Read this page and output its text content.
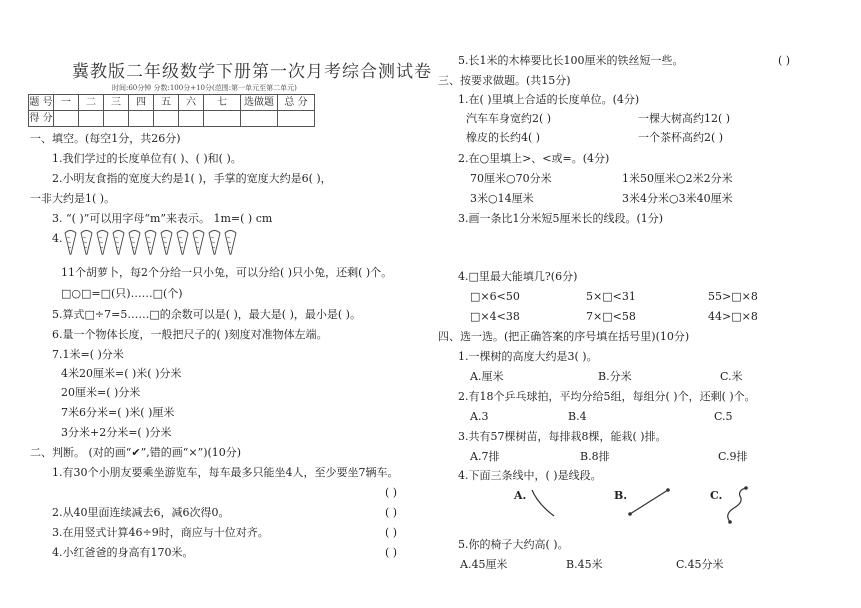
冀教版二年级数学下册第一次月考综合测试卷
时间:60分钟 分数:100分+10分(范围:第一单元至第二单元)
题 号	一	二	三	四	五	六	七	选做题	总 分
得 分									
一、填空。(每空1分，共26分)
1.我们学过的长度单位有( )、( )和( )。
2.小明友食指的宽度大约是1( )，手掌的宽度大约是6( )，
一非大约是1( )。
3. “( )”可以用字母“m”来表示。 1m=( ) cm
4.
11个胡萝卜，每2个分给一只小兔，可以分给( )只小兔，还剩( )个。
□○□=□(只)……□(个)
5.算式□÷7=5……□的余数可以是( )，最大是( )，最小是( )。
6.量一个物体长度，一般把尺子的( )刻度对准物体左端。
7.1米=( )分米
4米20厘米=( )米( )分米
20厘米=( )分米
7米6分米=( )米( )厘米
3分米+2分米=( )分米
二、判断。 (对的画“✔”,错的画“×”)(10分)
1.有30个小朋友要乘坐游览车，每车最多只能坐4人，至少要坐7辆车。
( )
2.从40里面连续减去6，减6次得0。	( )
3.在用竖式计算46÷9时，商应与十位对齐。	( )
4.小红爸爸的身高有170米。	( )
5.长1米的木棒要比长100厘米的铁丝短一些。	( )
三、按要求做题。(共15分)
1.在( )里填上合适的长度单位。(4分)
汽车车身宽约2( )	一棵大树高约12( )
橡皮的长约4( )	一个茶杯高约2( )
2.在○里填上>、<或=。(4分)
70厘米○70分米	1米50厘米○2米2分米
3米○14厘米	3米4分米○3米40厘米
3.画一条比1分米短5厘米长的线段。(1分)
4.□里最大能填几?(6分)
□×6<50	5×□<31	55>□×8
□×4<38	7×□<58	44>□×8
四、选一选。(把正确答案的序号填在括号里)(10分)
1.一棵树的高度大约是3( )。
A.厘米	B.分米	C.米
2.有18个乒乓球拍，平均分给5组，每组分( )个，还剩( )个。
A.3	B.4	C.5
3.共有57棵树苗，每排栽8棵，能栽( )排。
A.7排	B.8排	C.9排
4.下面三条线中，( )是线段。
A.	B.	C.
5.你的椅子大约高( )。
A.45厘米	B.45米	C.45分米
